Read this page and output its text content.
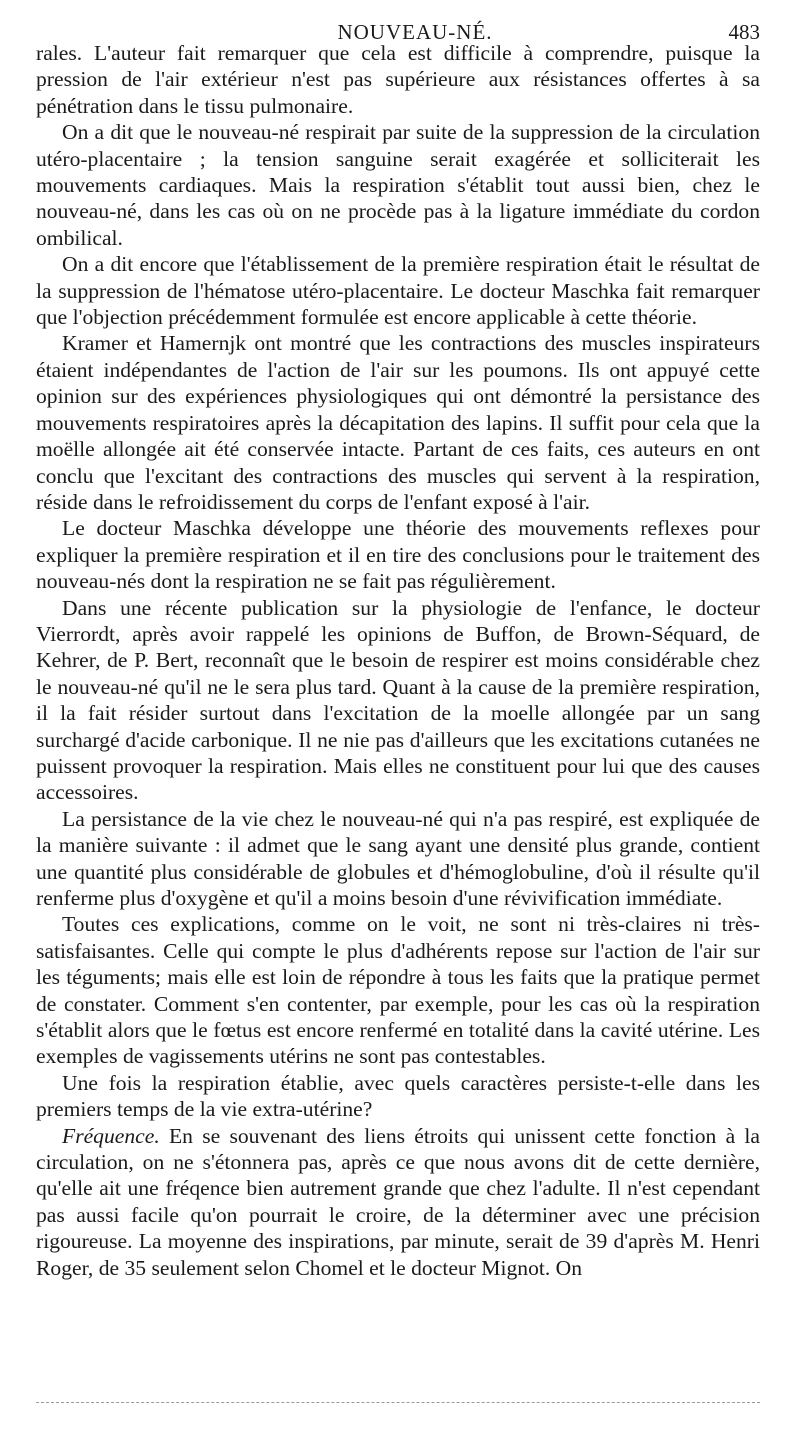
NOUVEAU-NÉ.	483

rales. L'auteur fait remarquer que cela est difficile à comprendre, puisque la pression de l'air extérieur n'est pas supérieure aux résistances offertes à sa pénétration dans le tissu pulmonaire.

On a dit que le nouveau-né respirait par suite de la suppression de la circulation utéro-placentaire ; la tension sanguine serait exagérée et solliciterait les mouvements cardiaques. Mais la respiration s'établit tout aussi bien, chez le nouveau-né, dans les cas où on ne procède pas à la ligature immédiate du cordon ombilical.

On a dit encore que l'établissement de la première respiration était le résultat de la suppression de l'hématose utéro-placentaire. Le docteur Maschka fait remarquer que l'objection précédemment formulée est encore applicable à cette théorie.

Kramer et Hamernjk ont montré que les contractions des muscles inspirateurs étaient indépendantes de l'action de l'air sur les poumons. Ils ont appuyé cette opinion sur des expériences physiologiques qui ont démontré la persistance des mouvements respiratoires après la décapitation des lapins. Il suffit pour cela que la moëlle allongée ait été conservée intacte. Partant de ces faits, ces auteurs en ont conclu que l'excitant des contractions des muscles qui servent à la respiration, réside dans le refroidissement du corps de l'enfant exposé à l'air.

Le docteur Maschka développe une théorie des mouvements reflexes pour expliquer la première respiration et il en tire des conclusions pour le traitement des nouveau-nés dont la respiration ne se fait pas régulièrement.

Dans une récente publication sur la physiologie de l'enfance, le docteur Vierrordt, après avoir rappelé les opinions de Buffon, de Brown-Séquard, de Kehrer, de P. Bert, reconnaît que le besoin de respirer est moins considérable chez le nouveau-né qu'il ne le sera plus tard. Quant à la cause de la première respiration, il la fait résider surtout dans l'excitation de la moelle allongée par un sang surchargé d'acide carbonique. Il ne nie pas d'ailleurs que les excitations cutanées ne puissent provoquer la respiration. Mais elles ne constituent pour lui que des causes accessoires.

La persistance de la vie chez le nouveau-né qui n'a pas respiré, est expliquée de la manière suivante : il admet que le sang ayant une densité plus grande, contient une quantité plus considérable de globules et d'hémoglobuline, d'où il résulte qu'il renferme plus d'oxygène et qu'il a moins besoin d'une révivification immédiate.

Toutes ces explications, comme on le voit, ne sont ni très-claires ni très-satisfaisantes. Celle qui compte le plus d'adhérents repose sur l'action de l'air sur les téguments; mais elle est loin de répondre à tous les faits que la pratique permet de constater. Comment s'en contenter, par exemple, pour les cas où la respiration s'établit alors que le fœtus est encore renfermé en totalité dans la cavité utérine. Les exemples de vagissements utérins ne sont pas contestables.

Une fois la respiration établie, avec quels caractères persiste-t-elle dans les premiers temps de la vie extra-utérine?

Fréquence. En se souvenant des liens étroits qui unissent cette fonction à la circulation, on ne s'étonnera pas, après ce que nous avons dit de cette dernière, qu'elle ait une fréqence bien autrement grande que chez l'adulte. Il n'est cependant pas aussi facile qu'on pourrait le croire, de la déterminer avec une précision rigoureuse. La moyenne des inspirations, par minute, serait de 39 d'après M. Henri Roger, de 35 seulement selon Chomel et le docteur Mignot. On
